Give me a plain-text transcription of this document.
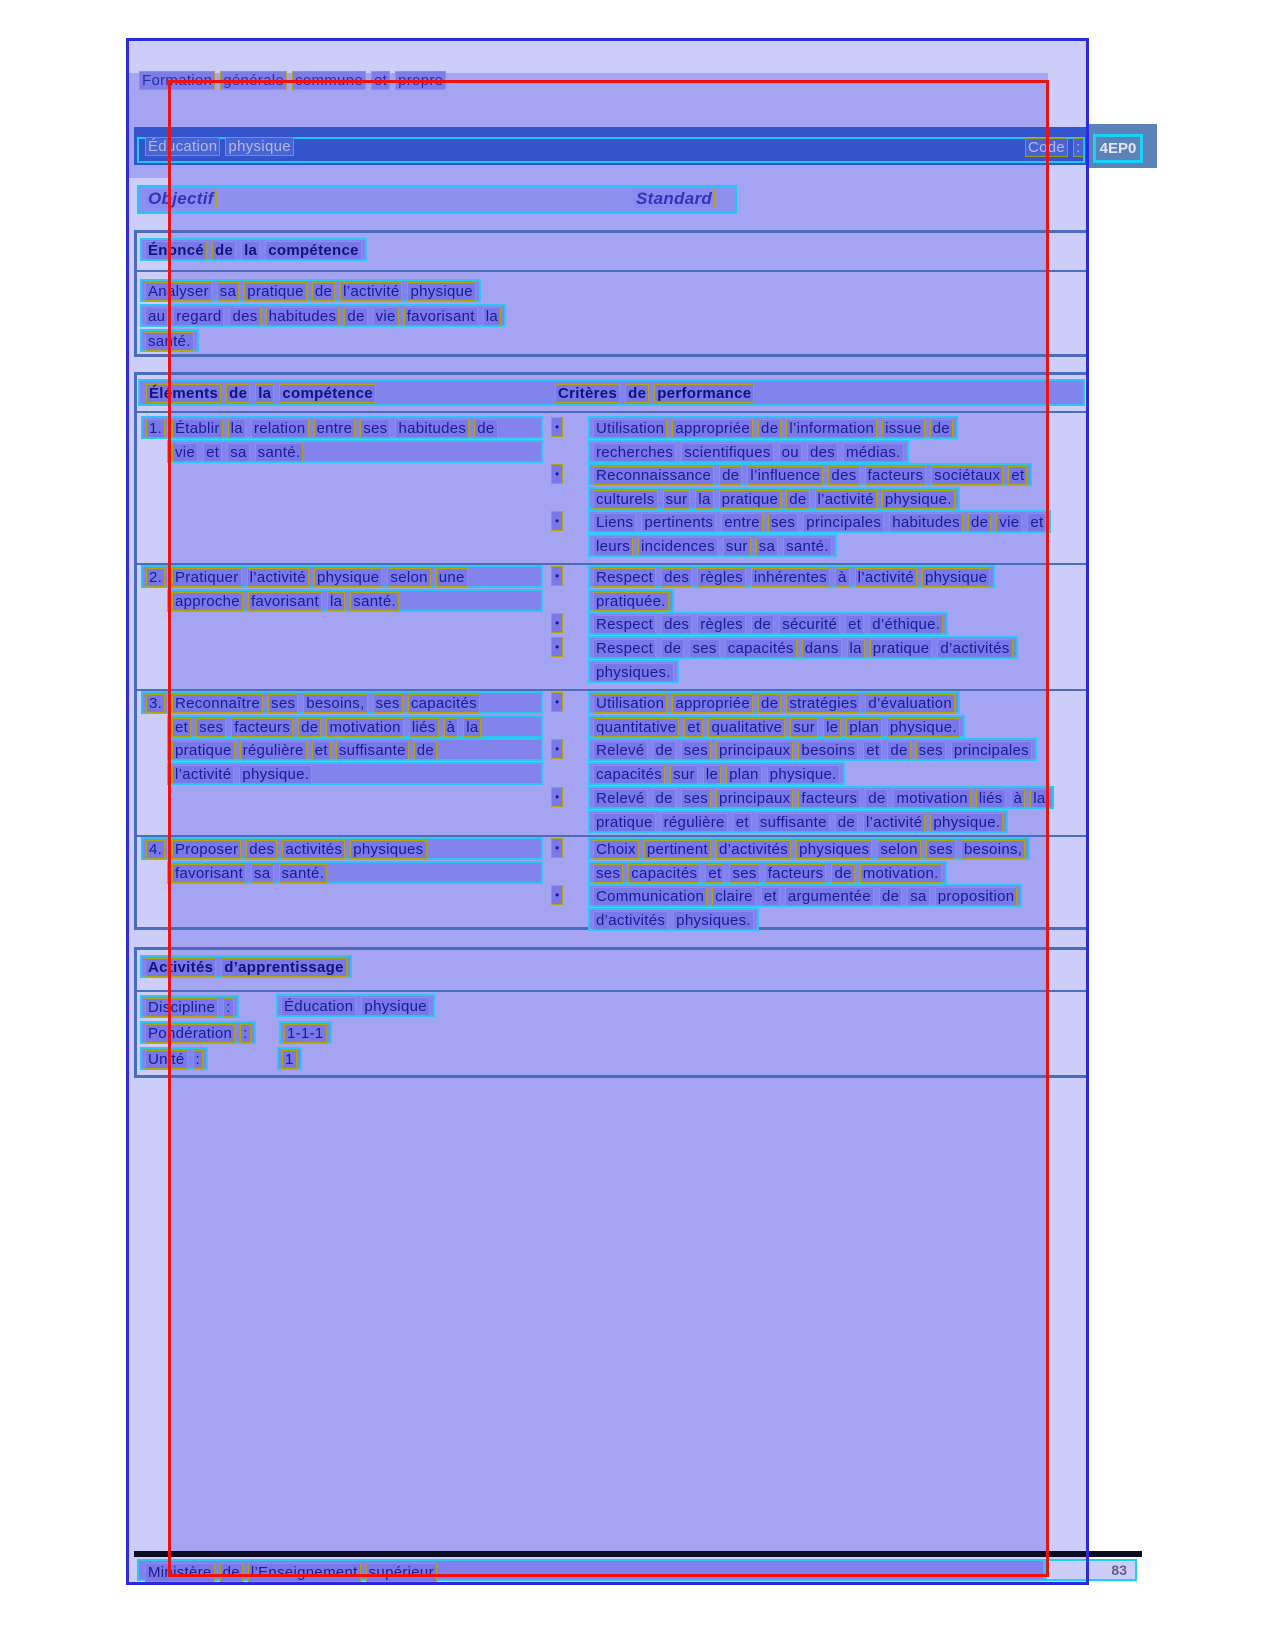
Formation générale commune et propre
Éducation physique	Code :	4EP0
Objectif	Standard
Énoncé de la compétence
Analyser sa pratique de l’activité physique
au regard des habitudes de vie favorisant la
santé.
Éléments de la compétence	Critères de performance
1. Établir la relation entre ses habitudes de
vie et sa santé.
•	Utilisation appropriée de l’information issue de
recherches scientifiques ou des médias.
•	Reconnaissance de l’influence des facteurs sociétaux et
culturels sur la pratique de l’activité physique.
•	Liens pertinents entre ses principales habitudes de vie et
leurs incidences sur sa santé.
2. Pratiquer l’activité physique selon une
approche favorisant la santé.
•	Respect des règles inhérentes à l’activité physique
pratiquée.
•	Respect des règles de sécurité et d’éthique.
•	Respect de ses capacités dans la pratique d’activités
physiques.
3. Reconnaître ses besoins, ses capacités
et ses facteurs de motivation liés à la
pratique régulière et suffisante de
l’activité physique.
•	Utilisation appropriée de stratégies d’évaluation
quantitative et qualitative sur le plan physique.
•	Relevé de ses principaux besoins et de ses principales
capacités sur le plan physique.
•	Relevé de ses principaux facteurs de motivation liés à la
pratique régulière et suffisante de l’activité physique.
4. Proposer des activités physiques
favorisant sa santé.
•	Choix pertinent d’activités physiques selon ses besoins,
ses capacités et ses facteurs de motivation.
•	Communication claire et argumentée de sa proposition
d’activités physiques.
Activités d’apprentissage
Discipline :	Éducation physique
Pondération :	1-1-1
Unité :	1
Ministère de l’Enseignement supérieur	83
